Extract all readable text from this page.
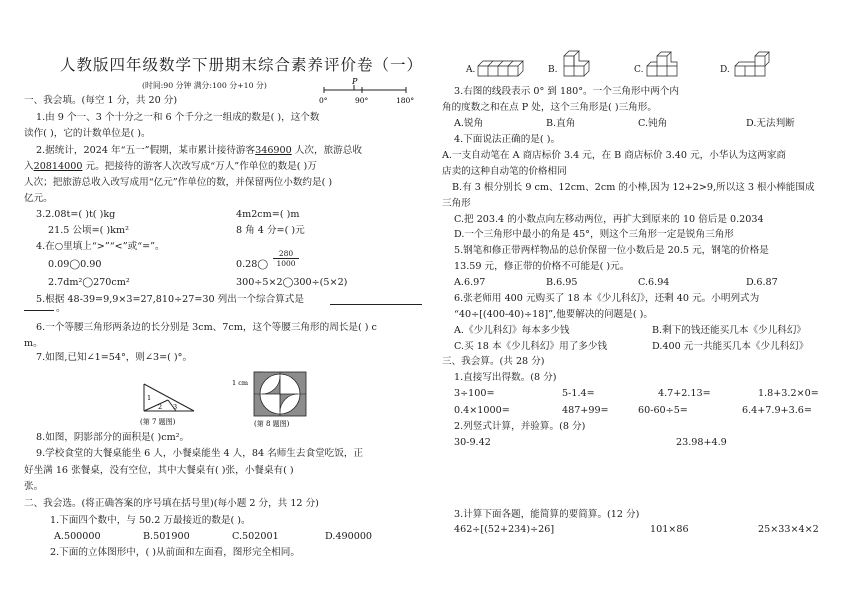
人教版四年级数学下册期末综合素养评价卷（一）
(时间:90 分钟 满分:100 分+10 分)	P
0°	90°	180°
一、我会填。(每空 1 分，共 20 分)
1.由 9 个一、3 个十分之一和 6 个千分之一组成的数是( )，这个数
读作( )，它的计数单位是( )。
2.据统计，2024 年“五一”假期，某市累计接待游客346900 人次，旅游总收
入20814000 元。把接待的游客人次改写成“万人”作单位的数是( )万
人次；把旅游总收入改写成用“亿元”作单位的数，并保留两位小数约是( )
亿元。
3.2.08t=( )t( )kg	4m2cm=( )m
21.5 公顷=( )km²	8 角 4 分=( )元
4.在○里填上“>”“<”或“=”。
0.09◯0.90	0.28◯ $\frac{280}{1000}$
2.7dm²◯270cm²	300÷5×2◯300÷(5×2)
5.根据 48-39=9,9×3=27,810÷27=30 列出一个综合算式是
。
6.一个等腰三角形两条边的长分别是 3cm、7cm，这个等腰三角形的周长是( ) c
m。
7.如图,已知∠1=54°，则∠3=( )°。
1
2 3
(第 7 题图)
1 cm
(第 8 题图)
8.如图，阴影部分的面积是( )cm²。
9.学校食堂的大餐桌能坐 6 人，小餐桌能坐 4 人，84 名师生去食堂吃饭，正
好坐满 16 张餐桌，没有空位，其中大餐桌有( )张，小餐桌有( )
张。
二、我会选。(将正确答案的序号填在括号里)(每小题 2 分，共 12 分)
1.下面四个数中，与 50.2 万最接近的数是( )。
A.500000	B.501900	C.502001	D.490000
2.下面的立体图形中，( )从前面和左面看，图形完全相同。
A.	B.	C.	D.
3.右图的线段表示 0° 到 180°。一个三角形中两个内
角的度数之和在点 P 处，这个三角形是( )三角形。
A.锐角	B.直角	C.钝角	D.无法判断
4.下面说法正确的是( )。
A.一支自动笔在 A 商店标价 3.4 元，在 B 商店标价 3.40 元，小华认为这两家商
店卖的这种自动笔的价格相同
B.有 3 根分别长 9 cm、12cm、2cm 的小棒,因为 12+2>9,所以这 3 根小棒能围成
三角形
C.把 203.4 的小数点向左移动两位，再扩大到原来的 10 倍后是 0.2034
D.一个三角形中最小的角是 45°，则这个三角形一定是锐角三角形
5.钢笔和修正带两样物品的总价保留一位小数后是 20.5 元，钢笔的价格是
13.59 元，修正带的价格不可能是( )元。
A.6.97	B.6.95	C.6.94	D.6.87
6.张老师用 400 元购买了 18 本《少儿科幻》，还剩 40 元。小明列式为
“40÷[(400-40)÷18]”,他要解决的问题是( )。
A.《少儿科幻》每本多少钱	B.剩下的钱还能买几本《少儿科幻》
C.买 18 本《少儿科幻》用了多少钱	D.400 元一共能买几本《少儿科幻》
三、我会算。(共 28 分)
1.直接写出得数。(8 分)
3÷100=	5-1.4=	4.7+2.13=	1.8+3.2×0=
0.4×1000=	487+99=	60-60÷5=	6.4+7.9+3.6=
2.列竖式计算，并验算。(8 分)
30-9.42	23.98+4.9
3.计算下面各题，能简算的要简算。(12 分)
462÷[(52+234)÷26]	101×86	25×33×4×2
